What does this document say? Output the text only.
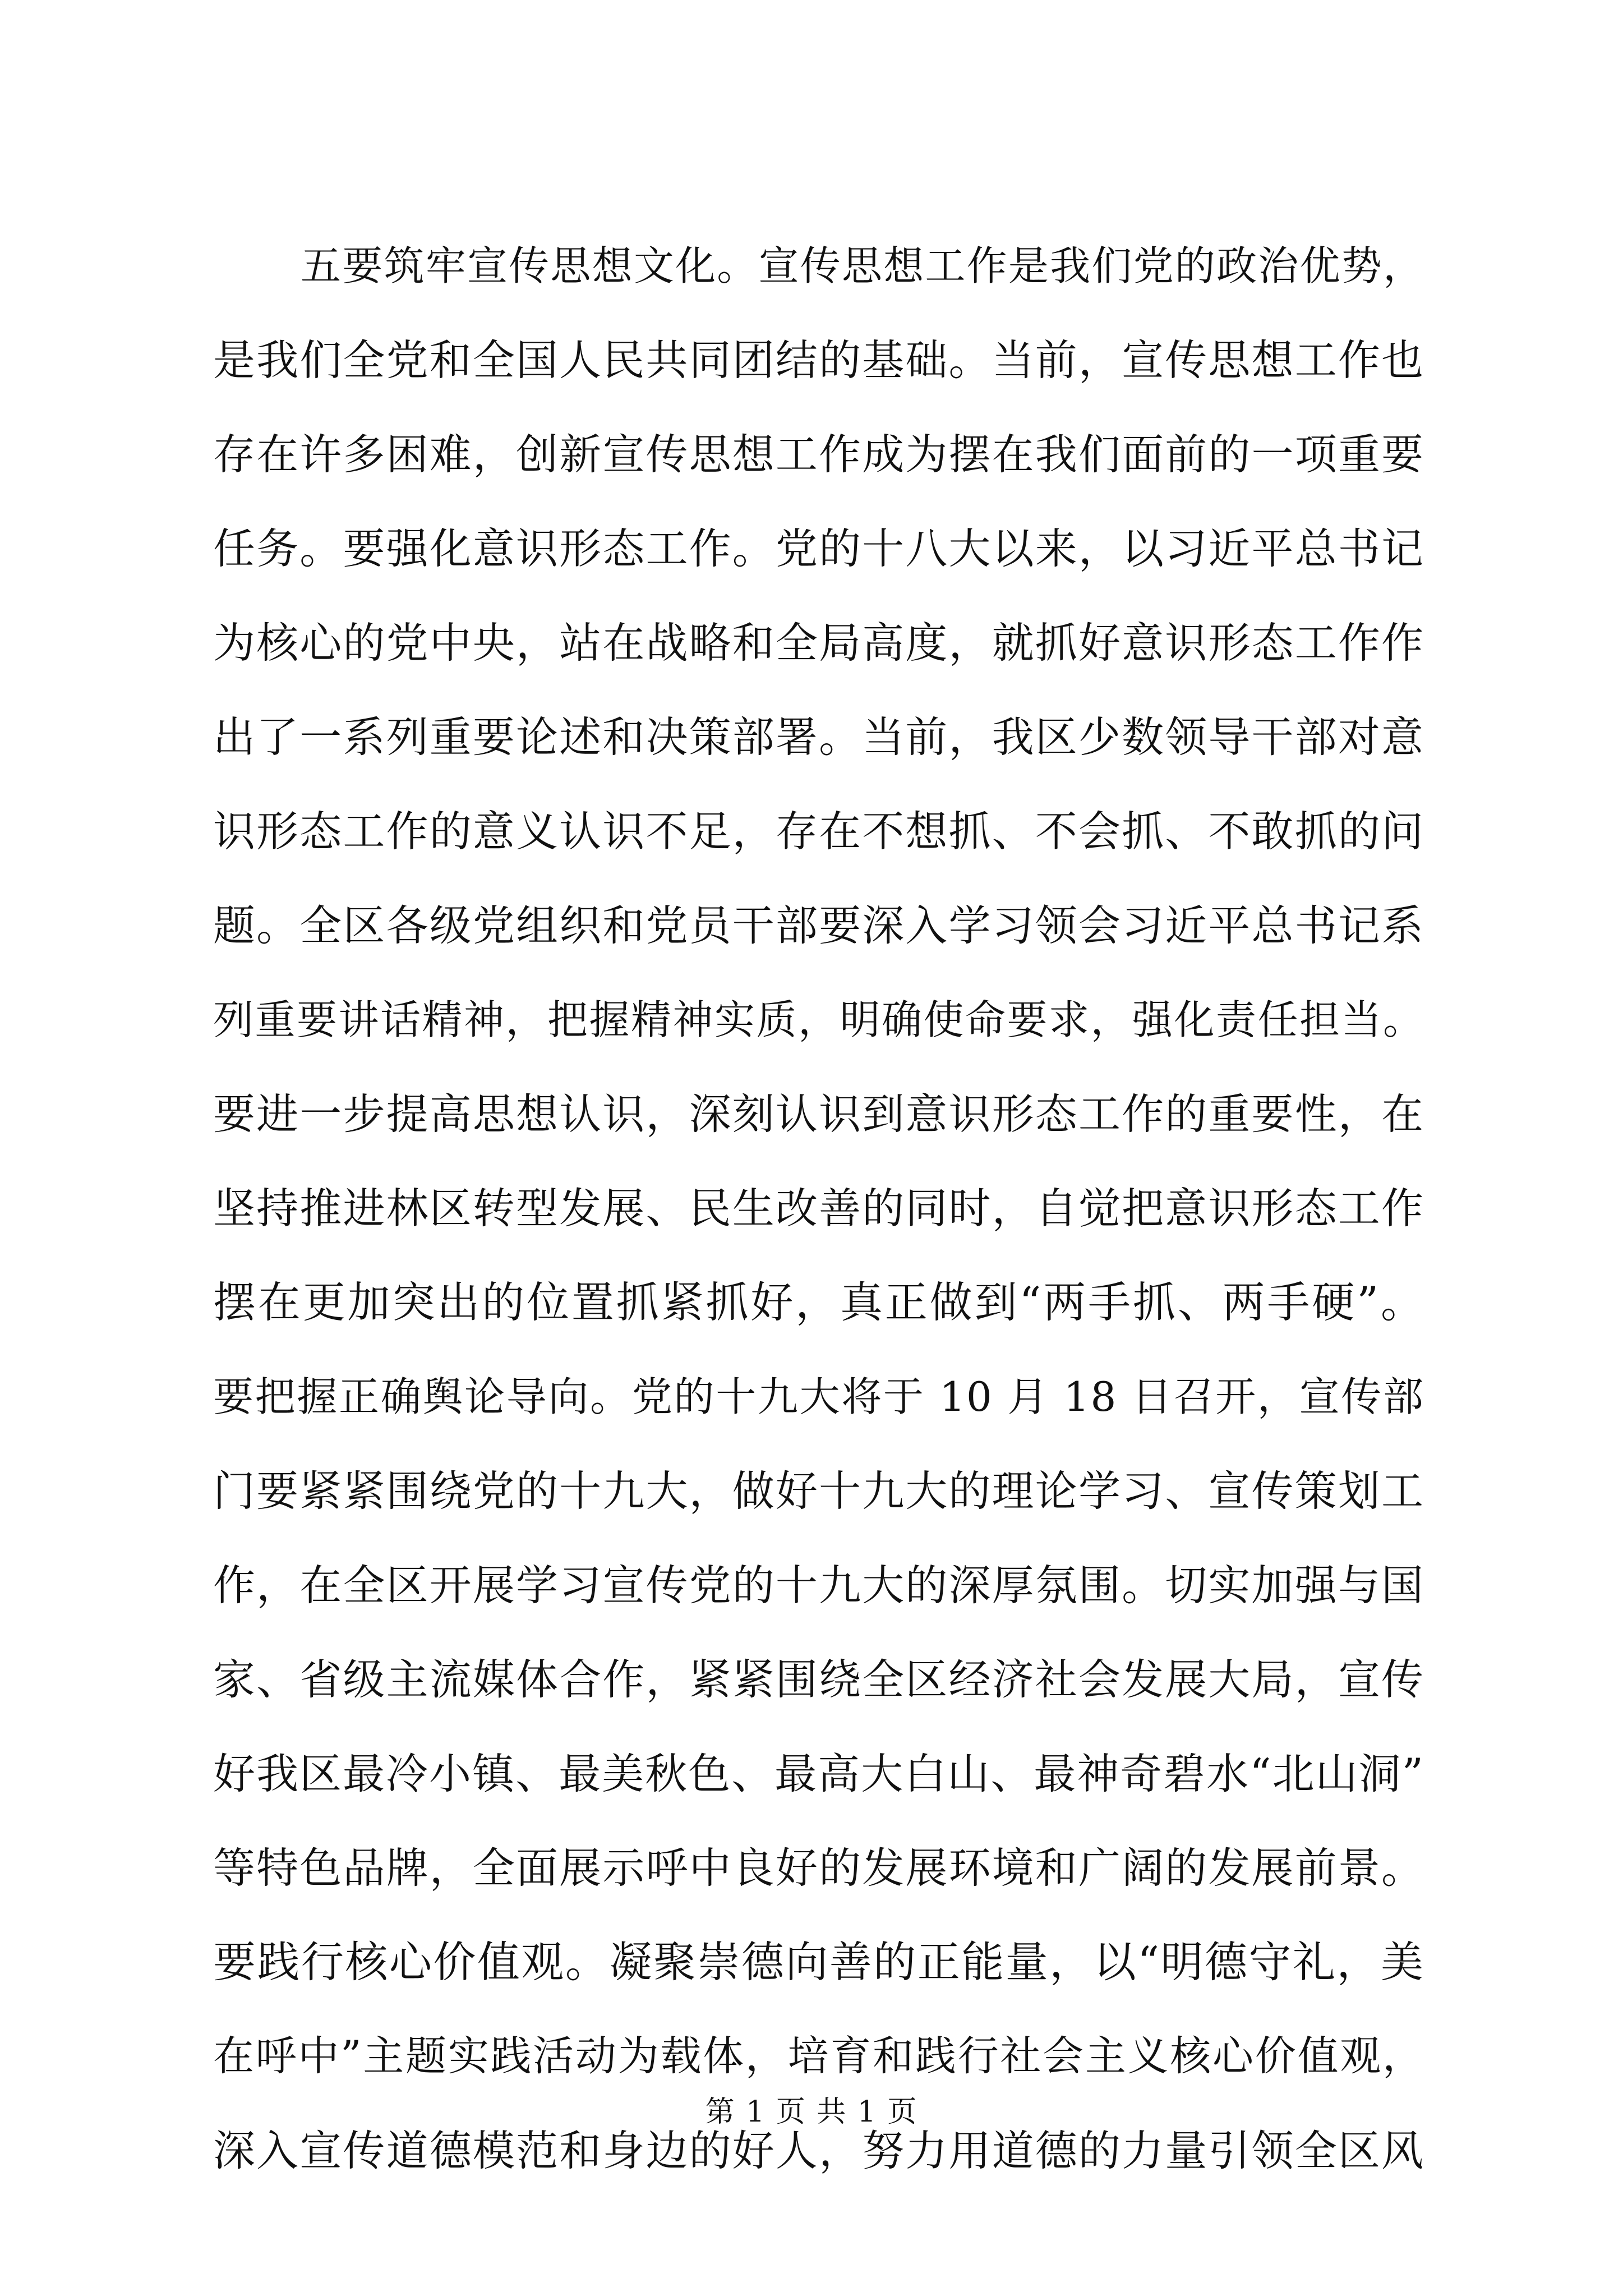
五要筑牢宣传思想文化。宣传思想工作是我们党的政治优势，
是我们全党和全国人民共同团结的基础。当前，宣传思想工作也
存在许多困难，创新宣传思想工作成为摆在我们面前的一项重要
任务。要强化意识形态工作。党的十八大以来，以习近平总书记
为核心的党中央，站在战略和全局高度，就抓好意识形态工作作
出了一系列重要论述和决策部署。当前，我区少数领导干部对意
识形态工作的意义认识不足，存在不想抓、不会抓、不敢抓的问
题。全区各级党组织和党员干部要深入学习领会习近平总书记系
列重要讲话精神，把握精神实质，明确使命要求，强化责任担当。
要进一步提高思想认识，深刻认识到意识形态工作的重要性，在
坚持推进林区转型发展、民生改善的同时，自觉把意识形态工作
摆在更加突出的位置抓紧抓好，真正做到“两手抓、两手硬”。
要把握正确舆论导向。党的十九大将于 10 月 18 日召开，宣传部
门要紧紧围绕党的十九大，做好十九大的理论学习、宣传策划工
作，在全区开展学习宣传党的十九大的深厚氛围。切实加强与国
家、省级主流媒体合作，紧紧围绕全区经济社会发展大局，宣传
好我区最冷小镇、最美秋色、最高大白山、最神奇碧水“北山洞”
等特色品牌，全面展示呼中良好的发展环境和广阔的发展前景。
要践行核心价值观。凝聚崇德向善的正能量，以“明德守礼，美
在呼中”主题实践活动为载体，培育和践行社会主义核心价值观，
深入宣传道德模范和身边的好人，努力用道德的力量引领全区风
第 1 页 共 1 页
